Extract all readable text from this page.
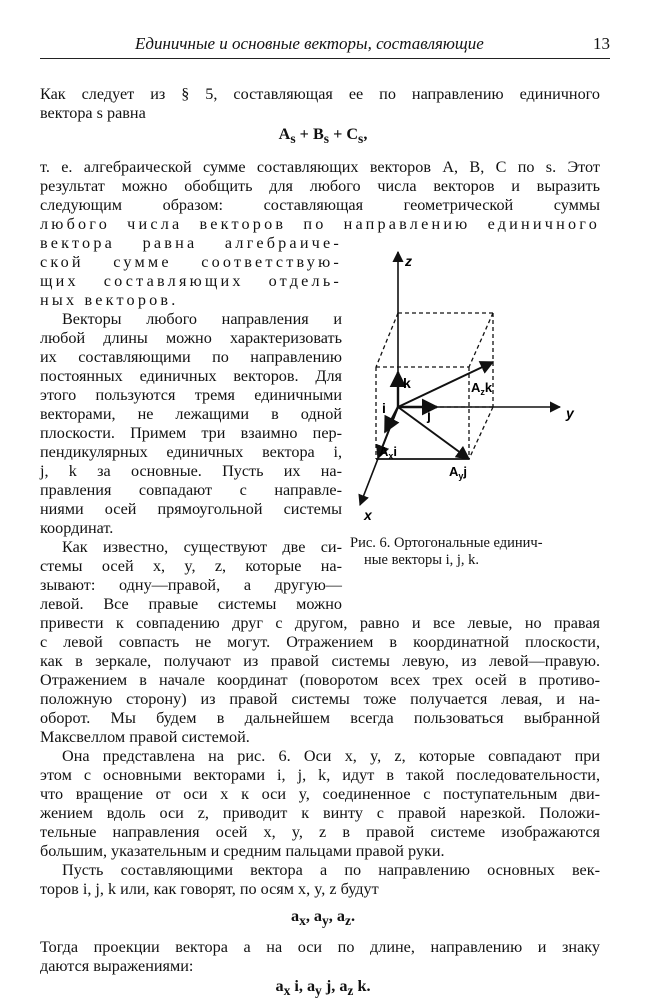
Единичные и основные векторы, составляющие	13

Как следует из § 5, составляющая ее по направлению единичного

вектора s равна

$A_s + B_s + C_s$,

т. е. алгебраической сумме составляющих векторов A, B, C по s. Этот

результат можно обобщить для любого числа векторов и выразить

следующим образом: составляющая геометрической суммы

любого числа векторов по направлению единичного

вектора равна алгебраиче-

ской сумме соответствую-

щих составляющих отдель-

ных векторов.

Векторы любого направления и

любой длины можно характеризовать

их составляющими по направлению

постоянных единичных векторов. Для

этого пользуются тремя единичными

векторами, не лежащими в одной

плоскости. Примем три взаимно пер-

пендикулярных единичных вектора i,

j, k за основные. Пусть их на-

правления совпадают с направле-

ниями осей прямоугольной системы

координат.

Как известно, существуют две си-

стемы осей x, y, z, которые на-

зывают: одну—правой, а другую—

левой. Все правые системы можно

привести к совпадению друг с другом, равно и все левые, но правая

с левой совпасть не могут. Отражением в координатной плоскости,

как в зеркале, получают из правой системы левую, из левой—правую.

Отражением в начале координат (поворотом всех трех осей в противо-

положную сторону) из правой системы тоже получается левая, и на-

оборот. Мы будем в дальнейшем всегда пользоваться выбранной

Максвеллом правой системой.

Она представлена на рис. 6. Оси x, y, z, которые совпадают при

этом с основными векторами i, j, k, идут в такой последовательности,

что вращение от оси x к оси y, соединенное с поступательным дви-

жением вдоль оси z, приводит к винту с правой нарезкой. Положи-

тельные направления осей x, y, z в правой системе изображаются

большим, указательным и средним пальцами правой руки.

Пусть составляющими вектора a по направлению основных век-

торов i, j, k или, как говорят, по осям x, y, z будут

$a_x$, $a_y$, $a_z$.

Тогда проекции вектора a на оси по длине, направлению и знаку

даются выражениями:

$a_x$ i, $a_y$ j, $a_z$ k.

z
y
x
k
i	j
$A_zk$
$A_xi$
$A_yj$
Рис. 6. Ортогональные единич-
ные векторы i, j, k.
